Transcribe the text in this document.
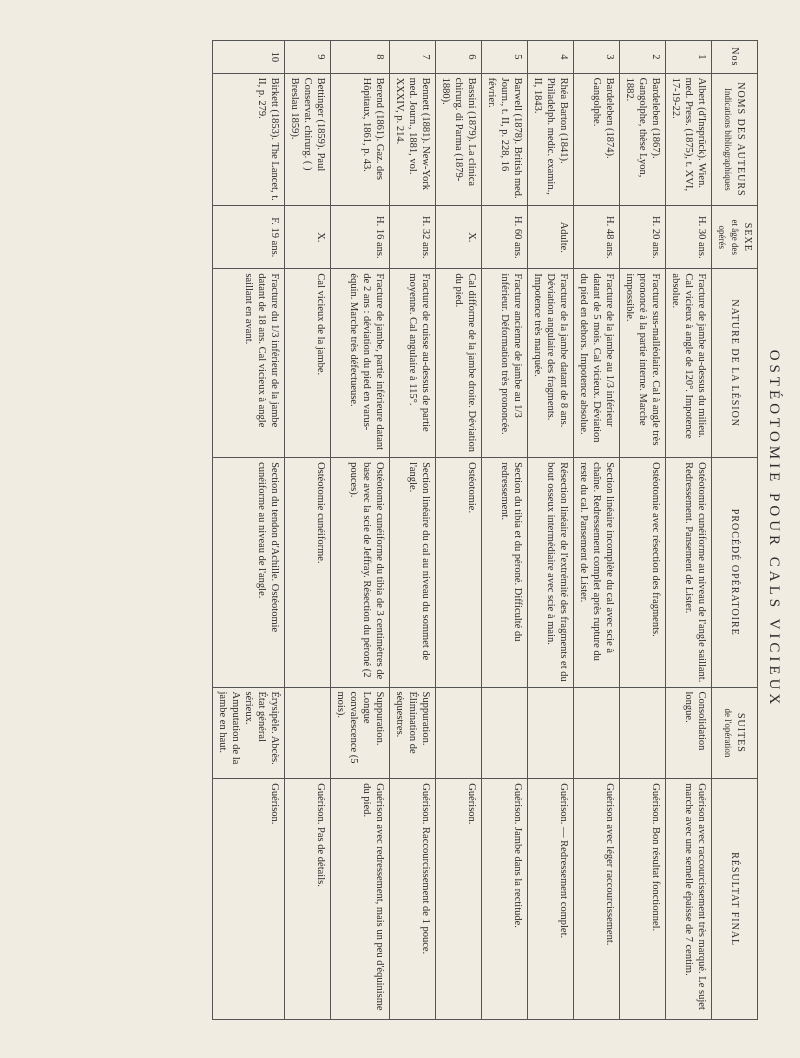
OSTÉOTOMIE POUR CALS VICIEUX
Nos	NOMS DES AUTEURS
Indications bibliographiques	SEXE
et âge des opérés	NATURE DE LA LÉSION	PROCÉDÉ OPÉRATOIRE	SUITES
de l'opération	RÉSULTAT FINAL
1	Albert (d'Insprück). Wien. med. Press. (1875), t. XVI, 17-19-22.	H. 30 ans.	Fracture de jambe au-dessus du milieu. Cal vicieux à angle de 120°. Impotence absolue.	Ostéotomie cunéiforme au niveau de l'angle saillant. Redressement. Pansement de Lister.	Consolidation longue.	Guérison avec raccourcissement très marqué. Le sujet marche avec une semelle épaisse de 7 centim.
2	Bardeleben (1867). Gangolphe, thèse Lyon, 1882.	H. 20 ans.	Fracture sus-malléolaire. Cal à angle très prononcé à la partie interne. Marche impossible.	Ostéotomie avec résection des fragments.		Guérison. Bon résultat fonctionnel.
3	Bardeleben (1874). Gangolphe.	H. 48 ans.	Fracture de la jambe au 1/3 inférieur datant de 5 mois. Cal vicieux. Déviation du pied en dehors. Impotence absolue.	Section linéaire incomplète du cal avec scie à chaîne. Redressement complet après rupture du reste du cal. Pansement de Lister.		Guérison avec léger raccourcissement.
4	Rhéa Barton (1841). Philadelph. medic. examin., II, 1843.	Adulte.	Fracture de la jambe datant de 8 ans. Déviation angulaire des fragments. Impotence très marquée.	Résection linéaire de l'extrémité des fragments et du bout osseux intermédiaire avec scie à main.		Guérison. — Redressement complet.
5	Barwell (1878). British med. Journ., t. II, p. 228, 16 février.	H. 60 ans.	Fracture ancienne de jambe au 1/3 inférieur. Déformation très prononcée.	Section du tibia et du péroné. Difficulté du redressement.		Guérison. Jambe dans la rectitude.
6	Bassini (1879). La clinica chirurg. di Parma (1879-1880).	X.	Cal difforme de la jambe droite. Déviation du pied.	Ostéotomie.		Guérison.
7	Bennett (1881). New-York med. Journ., 1881, vol. XXXIV, p. 214.	H. 32 ans.	Fracture de cuisse au-dessus de partie moyenne. Cal angulaire à 115°.	Section linéaire du cal au niveau du sommet de l'angle.	Suppuration. Élimination de séquestres.	Guérison. Raccourcissement de 1 pouce.
8	Berend (1861). Gaz. des Hôpitaux, 1861, p. 43.	H. 16 ans.	Fracture de jambe, partie inférieure datant de 2 ans : déviation du pied en varus-équin. Marche très défectueuse.	Ostéotomie cunéiforme du tibia de 3 centimètres de base avec la scie de Jeffray. Résection du péroné (2 pouces).	Suppuration. Longue convalescence (5 mois).	Guérison avec redressement, mais un peu d'équinisme du pied.
9	Bettinger (1859). Paul Conservat. chirurg. ( ) Breslau 1859).	X.	Cal vicieux de la jambe.	Ostéotomie cunéiforme.		Guérison. Pas de détails.
10	Birkett (1853). The Lancet, t. II, p. 279.	F. 19 ans.	Fracture du 1/3 inférieur de la jambe datant de 18 ans. Cal vicieux à angle saillant en avant.	Section du tendon d'Achille. Ostéotomie cunéiforme au niveau de l'angle.	Érysipèle. Abcès. État général sérieux. Amputation de la jambe en haut.	Guérison.
